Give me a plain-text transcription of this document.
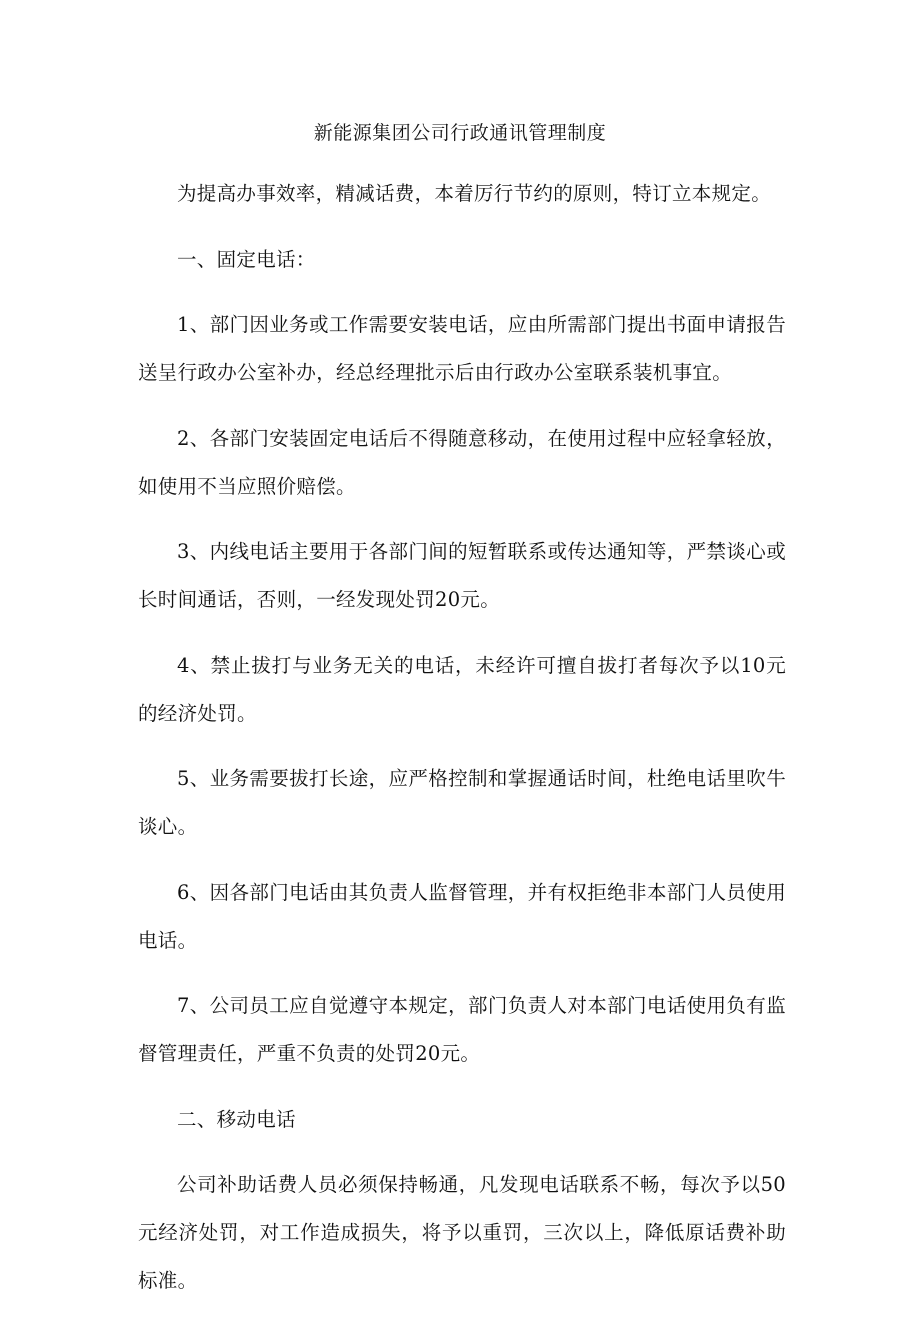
新能源集团公司行政通讯管理制度

为提高办事效率，精减话费，本着厉行节约的原则，特订立本规定。

一、固定电话：

1、部门因业务或工作需要安装电话，应由所需部门提出书面申请报告送呈行政办公室补办，经总经理批示后由行政办公室联系装机事宜。

2、各部门安装固定电话后不得随意移动，在使用过程中应轻拿轻放，如使用不当应照价赔偿。

3、内线电话主要用于各部门间的短暂联系或传达通知等，严禁谈心或长时间通话，否则，一经发现处罚20元。

4、禁止拔打与业务无关的电话，未经许可擅自拔打者每次予以10元的经济处罚。

5、业务需要拔打长途，应严格控制和掌握通话时间，杜绝电话里吹牛谈心。

6、因各部门电话由其负责人监督管理，并有权拒绝非本部门人员使用电话。

7、公司员工应自觉遵守本规定，部门负责人对本部门电话使用负有监督管理责任，严重不负责的处罚20元。

二、移动电话

公司补助话费人员必须保持畅通，凡发现电话联系不畅，每次予以50元经济处罚，对工作造成损失，将予以重罚，三次以上，降低原话费补助标准。
